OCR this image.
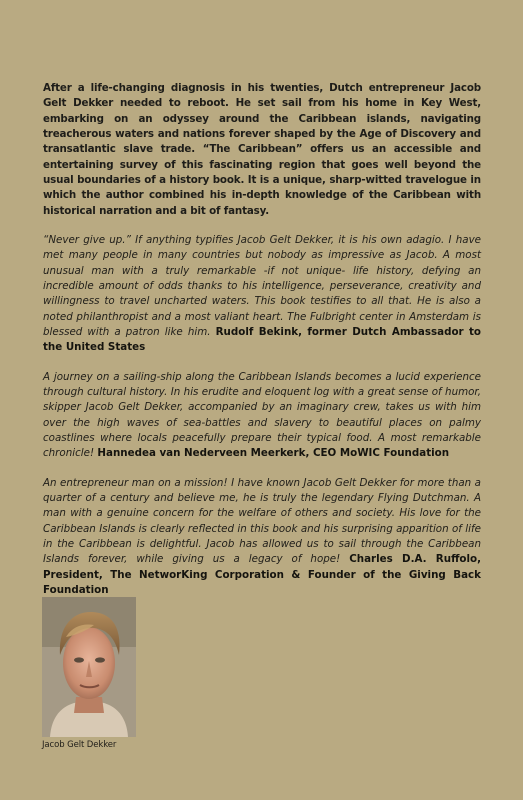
After a life-changing diagnosis in his twenties, Dutch entrepreneur Jacob Gelt Dekker needed to reboot. He set sail from his home in Key West, embarking on an odyssey around the Caribbean islands, navigating treacherous waters and nations forever shaped by the Age of Discovery and transatlantic slave trade. “The Caribbean” offers us an accessible and entertaining survey of this fascinating region that goes well beyond the usual boundaries of a history book. It is a unique, sharp-witted travelogue in which the author combined his in-depth knowledge of the Caribbean with historical narration and a bit of fantasy.

“Never give up.” If anything typifies Jacob Gelt Dekker, it is his own adagio. I have met many people in many countries but nobody as impressive as Jacob. A most unusual man with a truly remarkable -if not unique- life history, defying an incredible amount of odds thanks to his intelligence, perseverance, creativity and willingness to travel uncharted waters. This book testifies to all that. He is also a noted philanthropist and a most valiant heart. The Fulbright center in Amsterdam is blessed with a patron like him. Rudolf Bekink, former Dutch Ambassador to the United States

A journey on a sailing-ship along the Caribbean Islands becomes a lucid experience through cultural history. In his erudite and eloquent log with a great sense of humor, skipper Jacob Gelt Dekker, accompanied by an imaginary crew, takes us with him over the high waves of sea-battles and slavery to beautiful places on palmy coastlines where locals peacefully prepare their typical food. A most remarkable chronicle! Hannedea van Nederveen Meerkerk, CEO MoWIC Foundation

An entrepreneur man on a mission! I have known Jacob Gelt Dekker for more than a quarter of a century and believe me, he is truly the legendary Flying Dutchman. A man with a genuine concern for the welfare of others and society. His love for the Caribbean Islands is clearly reflected in this book and his surprising apparition of life in the Caribbean is delightful. Jacob has allowed us to sail through the Caribbean Islands forever, while giving us a legacy of hope! Charles D.A. Ruffolo, President, The NetworKing Corporation & Founder of the Giving Back Foundation

Jacob Gelt Dekker
